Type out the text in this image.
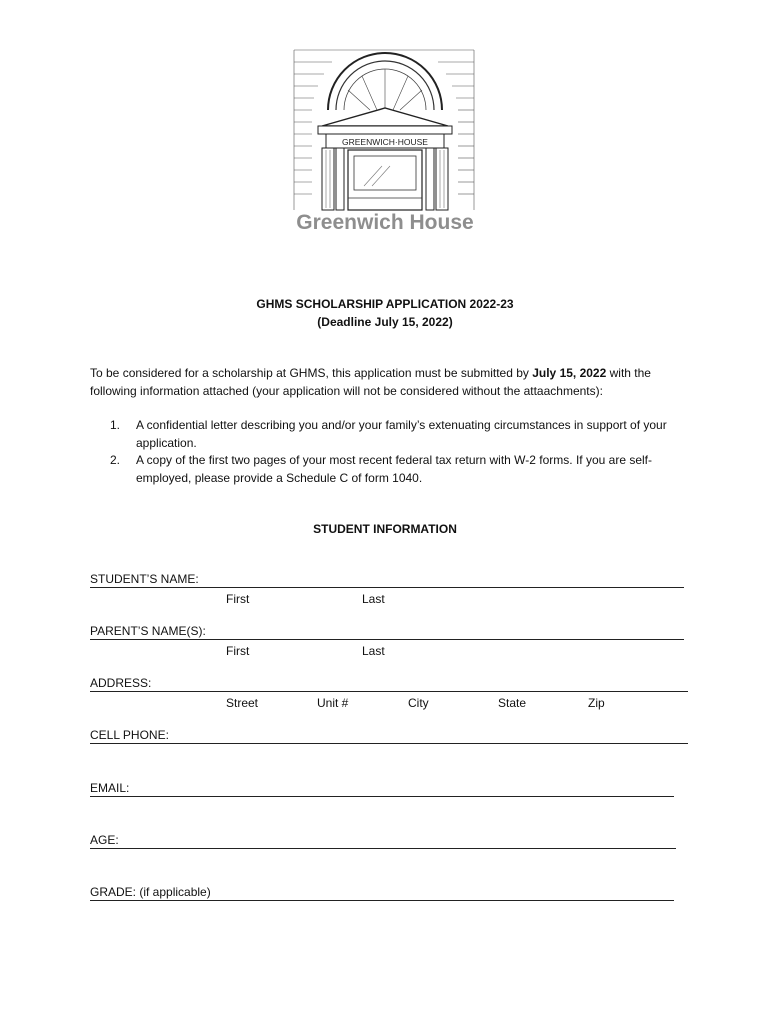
GREENWICH·HOUSE
Greenwich House
GHMS SCHOLARSHIP APPLICATION 2022-23
(Deadline July 15, 2022)
To be considered for a scholarship at GHMS, this application must be submitted by July 15, 2022 with the following information attached (your application will not be considered without the attaachments):
1. A confidential letter describing you and/or your family’s extenuating circumstances in support of your application.
2. A copy of the first two pages of your most recent federal tax return with W-2 forms. If you are self-employed, please provide a Schedule C of form 1040.
STUDENT INFORMATION
STUDENT’S NAME:
First	Last
PARENT’S NAME(S):
First	Last
ADDRESS:
Street	Unit #	City	State	Zip
CELL PHONE:
EMAIL:
AGE:
GRADE: (if applicable)
